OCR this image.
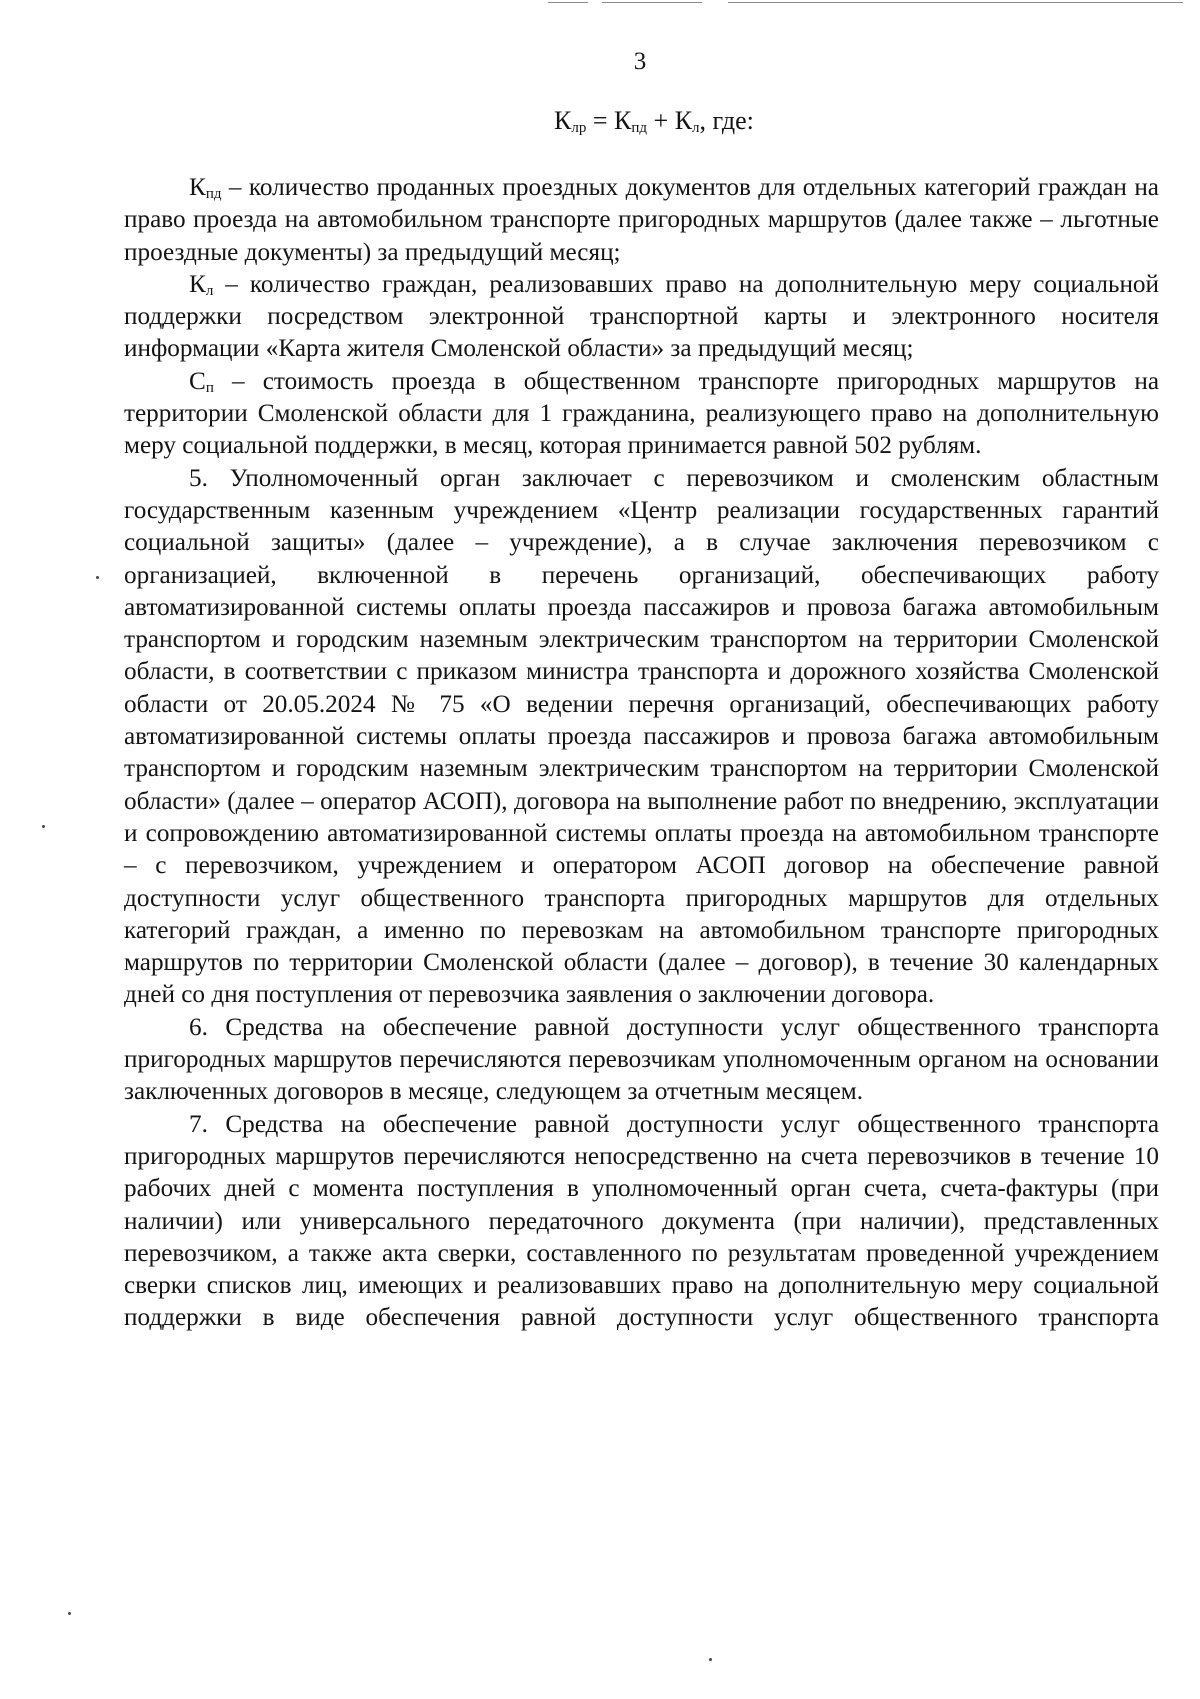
3
$К_{лр} = К_{пд} + К_л$, где:

$К_{пд}$ – количество проданных проездных документов для отдельных категорий граждан на право проезда на автомобильном транспорте пригородных маршрутов (далее также – льготные проездные документы) за предыдущий месяц;

$К_л$ – количество граждан, реализовавших право на дополнительную меру социальной поддержки посредством электронной транспортной карты и электронного носителя информации «Карта жителя Смоленской области» за предыдущий месяц;

$С_п$ – стоимость проезда в общественном транспорте пригородных маршрутов на территории Смоленской области для 1 гражданина, реализующего право на дополнительную меру социальной поддержки, в месяц, которая принимается равной 502 рублям.

5. Уполномоченный орган заключает с перевозчиком и смоленским областным государственным казенным учреждением «Центр реализации государственных гарантий социальной защиты» (далее – учреждение), а в случае заключения перевозчиком с организацией, включенной в перечень организаций, обеспечивающих работу автоматизированной системы оплаты проезда пассажиров и провоза багажа автомобильным транспортом и городским наземным электрическим транспортом на территории Смоленской области, в соответствии с приказом министра транспорта и дорожного хозяйства Смоленской области от 20.05.2024 № 75 «О ведении перечня организаций, обеспечивающих работу автоматизированной системы оплаты проезда пассажиров и провоза багажа автомобильным транспортом и городским наземным электрическим транспортом на территории Смоленской области» (далее – оператор АСОП), договора на выполнение работ по внедрению, эксплуатации и сопровождению автоматизированной системы оплаты проезда на автомобильном транспорте – с перевозчиком, учреждением и оператором АСОП договор на обеспечение равной доступности услуг общественного транспорта пригородных маршрутов для отдельных категорий граждан, а именно по перевозкам на автомобильном транспорте пригородных маршрутов по территории Смоленской области (далее – договор), в течение 30 календарных дней со дня поступления от перевозчика заявления о заключении договора.

6. Средства на обеспечение равной доступности услуг общественного транспорта пригородных маршрутов перечисляются перевозчикам уполномоченным органом на основании заключенных договоров в месяце, следующем за отчетным месяцем.

7. Средства на обеспечение равной доступности услуг общественного транспорта пригородных маршрутов перечисляются непосредственно на счета перевозчиков в течение 10 рабочих дней с момента поступления в уполномоченный орган счета, счета-фактуры (при наличии) или универсального передаточного документа (при наличии), представленных перевозчиком, а также акта сверки, составленного по результатам проведенной учреждением сверки списков лиц, имеющих и реализовавших право на дополнительную меру социальной поддержки в виде обеспечения равной доступности услуг общественного транспорта
